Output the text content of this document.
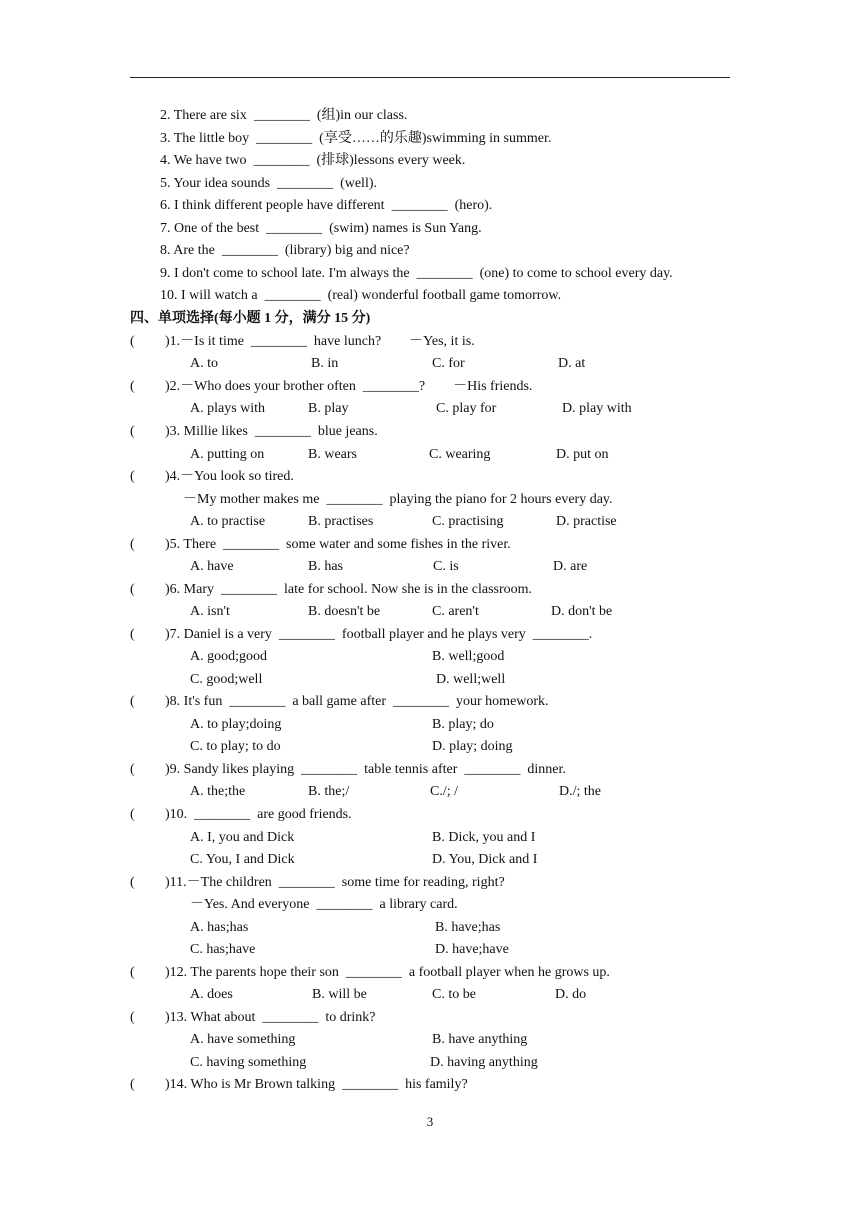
2. There are six  ________  (组)in our class.
3. The little boy  ________  (享受……的乐趣)swimming in summer.
4. We have two  ________  (排球)lessons every week.
5. Your idea sounds  ________  (well).
6. I think different people have different  ________  (hero).
7. One of the best  ________  (swim) names is Sun Yang.
8. Are the  ________  (library) big and nice?
9. I don't come to school late. I'm always the  ________  (one) to come to school every day.
10. I will watch a  ________  (real) wonderful football game tomorrow.
四、单项选择(每小题 1 分，满分 15 分)
( )1.－Is it time  ________  have lunch?        －Yes, it is.
A. to	B. in	C. for	D. at
( )2.－Who does your brother often  ________?        －His friends.
A. plays with	B. play	C. play for	D. play with
( )3. Millie likes  ________  blue jeans.
A. putting on	B. wears	C. wearing	D. put on
( )4.－You look so tired.
－My mother makes me  ________  playing the piano for 2 hours every day.
A. to practise	B. practises	C. practising	D. practise
( )5. There  ________  some water and some fishes in the river.
A. have	B. has	C. is	D. are
( )6. Mary  ________  late for school. Now she is in the classroom.
A. isn't	B. doesn't be	C. aren't	D. don't be
( )7. Daniel is a very  ________  football player and he plays very  ________.
A. good;good	B. well;good
C. good;well	D. well;well
( )8. It's fun  ________  a ball game after  ________  your homework.
A. to play;doing	B. play; do
C. to play; to do	D. play; doing
( )9. Sandy likes playing  ________  table tennis after  ________  dinner.
A. the;the	B. the;/	C./; /	D./; the
( )10.  ________  are good friends.
A. I, you and Dick	B. Dick, you and I
C. You, I and Dick	D. You, Dick and I
( )11.－The children  ________  some time for reading, right?
－Yes. And everyone  ________  a library card.
A. has;has	B. have;has
C. has;have	D. have;have
( )12. The parents hope their son  ________  a football player when he grows up.
A. does	B. will be	C. to be	D. do
( )13. What about  ________  to drink?
A. have something	B. have anything
C. having something	D. having anything
( )14. Who is Mr Brown talking  ________  his family?
3
